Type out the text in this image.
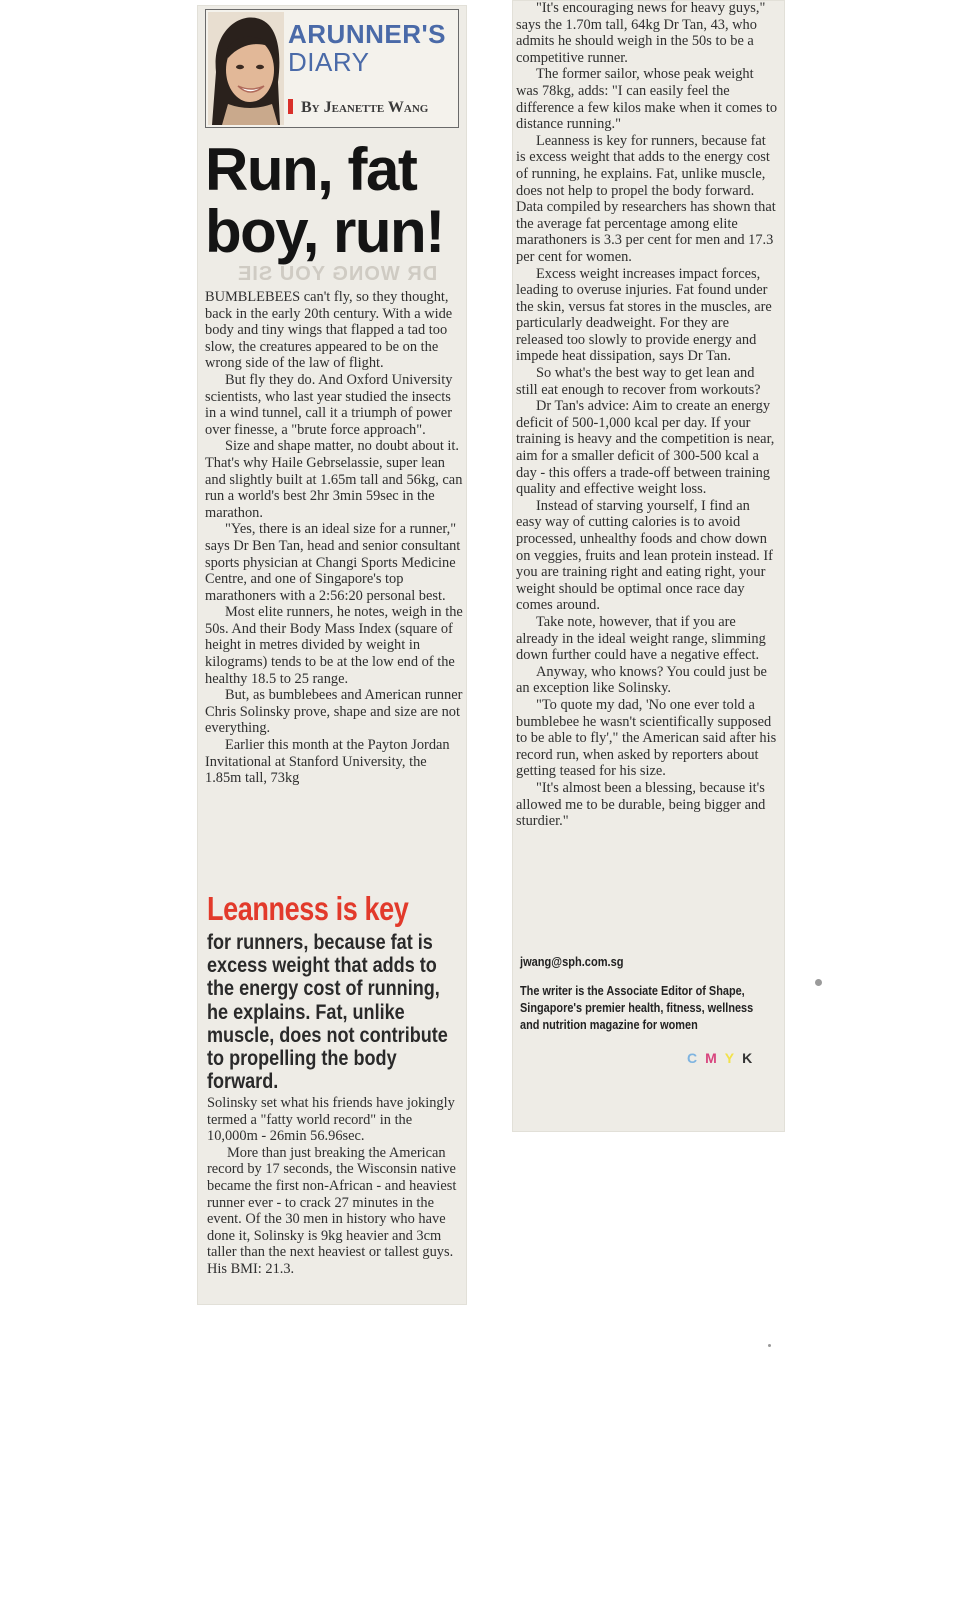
ARUNNER'S
DIARY
By Jeanette Wang
Run, fat
boy, run!
DR WONG YOU SIE

BUMBLEBEES can't fly, so they thought, back in the early 20th century. With a wide body and tiny wings that flapped a tad too slow, the creatures appeared to be on the wrong side of the law of flight.

But fly they do. And Oxford University scientists, who last year studied the insects in a wind tunnel, call it a triumph of power over finesse, a "brute force approach".

Size and shape matter, no doubt about it. That's why Haile Gebrselassie, super lean and slightly built at 1.65m tall and 56kg, can run a world's best 2hr 3min 59sec in the marathon.

"Yes, there is an ideal size for a runner," says Dr Ben Tan, head and senior consultant sports physician at Changi Sports Medicine Centre, and one of Singapore's top marathoners with a 2:56:20 personal best.

Most elite runners, he notes, weigh in the 50s. And their Body Mass Index (square of height in metres divided by weight in kilograms) tends to be at the low end of the healthy 18.5 to 25 range.

But, as bumblebees and American runner Chris Solinsky prove, shape and size are not everything.

Earlier this month at the Payton Jordan Invitational at Stanford University, the 1.85m tall, 73kg

Leanness is key
for runners, because fat is excess weight that adds to the energy cost of running, he explains. Fat, unlike muscle, does not contribute to propelling the body forward.

Solinsky set what his friends have jokingly termed a "fatty world record" in the 10,000m - 26min 56.96sec.

More than just breaking the American record by 17 seconds, the Wisconsin native became the first non-African - and heaviest runner ever - to crack 27 minutes in the event. Of the 30 men in history who have done it, Solinsky is 9kg heavier and 3cm taller than the next heaviest or tallest guys. His BMI: 21.3.

"It's encouraging news for heavy guys," says the 1.70m tall, 64kg Dr Tan, 43, who admits he should weigh in the 50s to be a competitive runner.

The former sailor, whose peak weight was 78kg, adds: "I can easily feel the difference a few kilos make when it comes to distance running."

Leanness is key for runners, because fat is excess weight that adds to the energy cost of running, he explains. Fat, unlike muscle, does not help to propel the body forward. Data compiled by researchers has shown that the average fat percentage among elite marathoners is 3.3 per cent for men and 17.3 per cent for women.

Excess weight increases impact forces, leading to overuse injuries. Fat found under the skin, versus fat stores in the muscles, are particularly deadweight. For they are released too slowly to provide energy and impede heat dissipation, says Dr Tan.

So what's the best way to get lean and still eat enough to recover from workouts?

Dr Tan's advice: Aim to create an energy deficit of 500-1,000 kcal per day. If your training is heavy and the competition is near, aim for a smaller deficit of 300-500 kcal a day - this offers a trade-off between training quality and effective weight loss.

Instead of starving yourself, I find an easy way of cutting calories is to avoid processed, unhealthy foods and chow down on veggies, fruits and lean protein instead. If you are training right and eating right, your weight should be optimal once race day comes around.

Take note, however, that if you are already in the ideal weight range, slimming down further could have a negative effect.

Anyway, who knows? You could just be an exception like Solinsky.

"To quote my dad, 'No one ever told a bumblebee he wasn't scientifically supposed to be able to fly'," the American said after his record run, when asked by reporters about getting teased for his size.

"It's almost been a blessing, because it's allowed me to be durable, being bigger and sturdier."

jwang@sph.com.sg
The writer is the Associate Editor of Shape, Singapore's premier health, fitness, wellness and nutrition magazine for women
CMYK
